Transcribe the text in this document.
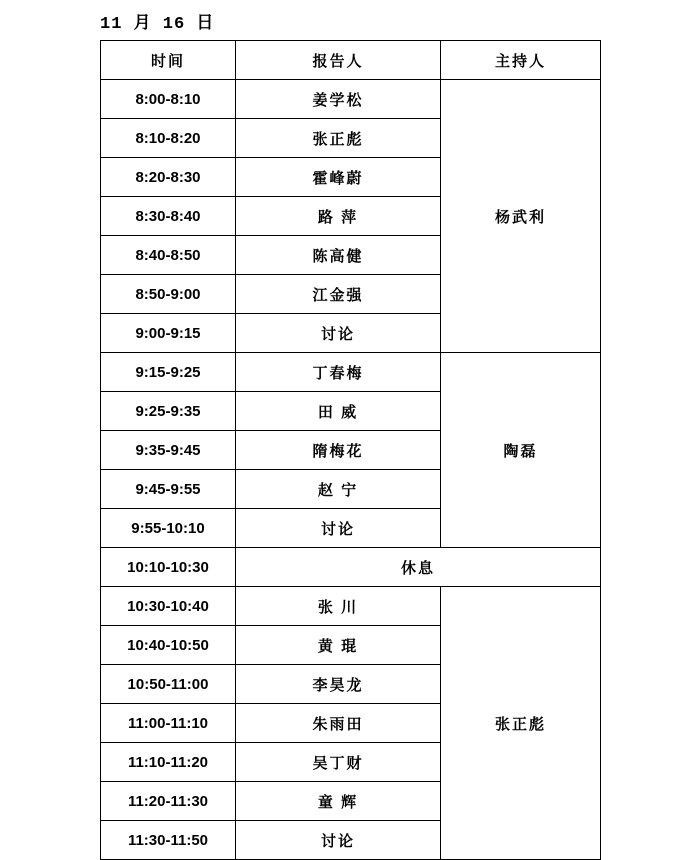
11 月 16 日
时间	报告人	主持人
8:00-8:10	姜学松	杨武利
8:10-8:20	张正彪	
8:20-8:30	霍峰蔚	
8:30-8:40	路 萍	
8:40-8:50	陈高健	
8:50-9:00	江金强	
9:00-9:15	讨论	
9:15-9:25	丁春梅	陶磊
9:25-9:35	田 威	
9:35-9:45	隋梅花	
9:45-9:55	赵 宁	
9:55-10:10	讨论	
10:10-10:30	休息	
10:30-10:40	张 川	张正彪
10:40-10:50	黄 琨	
10:50-11:00	李昊龙	
11:00-11:10	朱雨田	
11:10-11:20	吴丁财	
11:20-11:30	童 辉	
11:30-11:50	讨论	
